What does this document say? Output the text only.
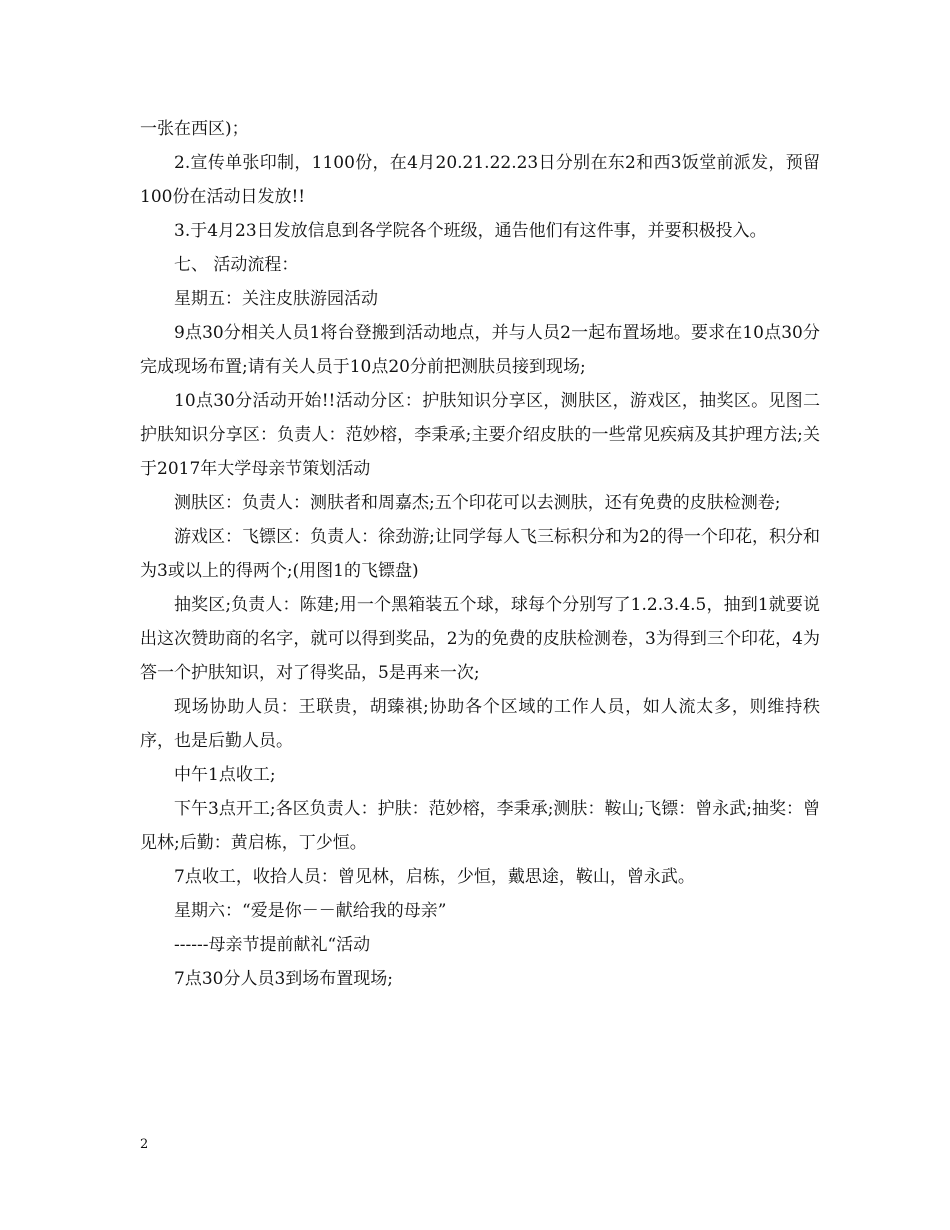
一张在西区)；

2.宣传单张印制，1100份，在4月20.21.22.23日分别在东2和西3饭堂前派发，预留100份在活动日发放!!

3.于4月23日发放信息到各学院各个班级，通告他们有这件事，并要积极投入。

七、 活动流程：

星期五：关注皮肤游园活动

9点30分相关人员1将台登搬到活动地点，并与人员2一起布置场地。要求在10点30分完成现场布置;请有关人员于10点20分前把测肤员接到现场;

10点30分活动开始!!活动分区：护肤知识分享区，测肤区，游戏区，抽奖区。见图二 护肤知识分享区：负责人：范妙榕，李秉承;主要介绍皮肤的一些常见疾病及其护理方法;关于2017年大学母亲节策划活动

测肤区：负责人：测肤者和周嘉杰;五个印花可以去测肤，还有免费的皮肤检测卷;

游戏区：飞镖区：负责人：徐劲游;让同学每人飞三标积分和为2的得一个印花，积分和为3或以上的得两个;(用图1的飞镖盘)

抽奖区;负责人：陈建;用一个黑箱装五个球，球每个分别写了1.2.3.4.5，抽到1就要说出这次赞助商的名字，就可以得到奖品，2为的免费的皮肤检测卷，3为得到三个印花，4为答一个护肤知识，对了得奖品，5是再来一次;

现场协助人员：王联贵，胡臻祺;协助各个区域的工作人员，如人流太多，则维持秩序，也是后勤人员。

中午1点收工;

下午3点开工;各区负责人：护肤：范妙榕，李秉承;测肤：鞍山;飞镖：曾永武;抽奖：曾见林;后勤：黄启栋，丁少恒。

7点收工，收拾人员：曾见林，启栋，少恒，戴思途，鞍山，曾永武。

星期六：“爱是你－－献给我的母亲”

------母亲节提前献礼“活动

7点30分人员3到场布置现场;

2
